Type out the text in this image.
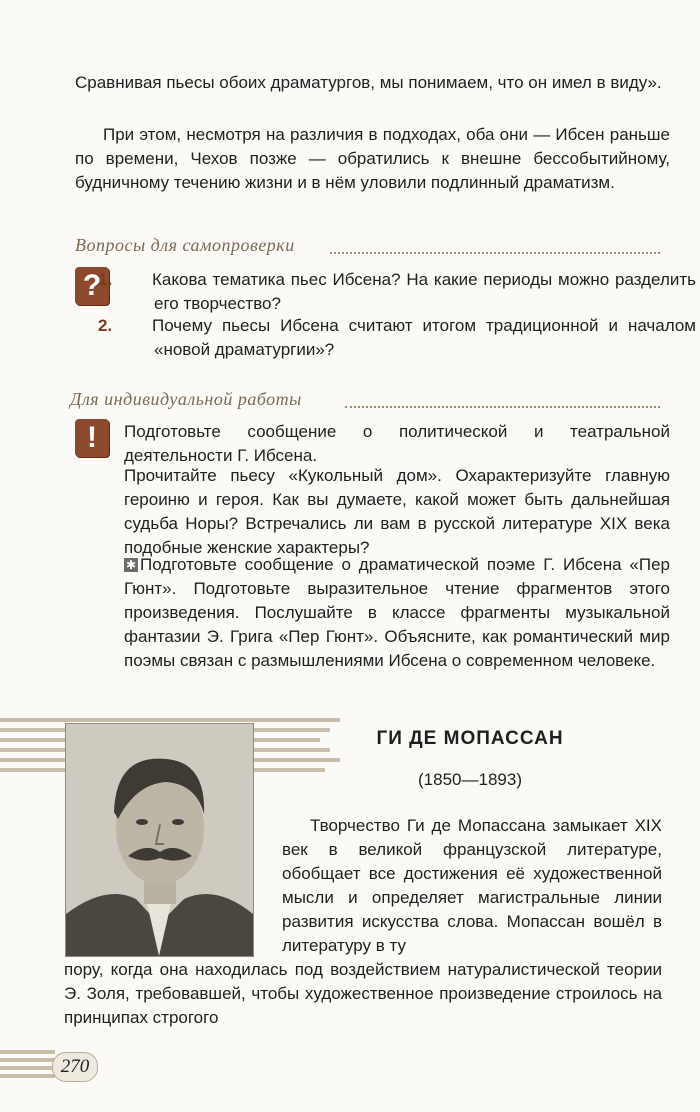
Сравнивая пьесы обоих драматургов, мы понимаем, что он имел в виду».

При этом, несмотря на различия в подходах, оба они — Ибсен раньше по времени, Чехов позже — обратились к внешне бессобытийному, будничному течению жизни и в нём уловили подлинный драматизм.

Вопросы для самопроверки
?

1. Какова тематика пьес Ибсена? На какие периоды можно разделить его творчество?

2. Почему пьесы Ибсена считают итогом традиционной и началом «новой драматургии»?

Для индивидуальной работы
!	Подготовьте сообщение о политической и театральной деятельности Г. Ибсена.

Прочитайте пьесу «Кукольный дом». Охарактеризуйте главную героиню и героя. Как вы думаете, какой может быть дальнейшая судьба Норы? Встречались ли вам в русской литературе XIX века подобные женские характеры?

✱ Подготовьте сообщение о драматической поэме Г. Ибсена «Пер Гюнт». Подготовьте выразительное чтение фрагментов этого произведения. Послушайте в классе фрагменты музыкальной фантазии Э. Грига «Пер Гюнт». Объясните, как романтический мир поэмы связан с размышлениями Ибсена о современном человеке.

ГИ ДЕ МОПАССАН
(1850—1893)

Творчество Ги де Мопассана замыкает XIX век в великой французской литературе, обобщает все достижения её художественной мысли и определяет магистральные линии развития искусства слова. Мопассан вошёл в литературу в ту

пору, когда она находилась под воздействием натуралистической теории Э. Золя, требовавшей, чтобы художественное произведение строилось на принципах строгого

270
